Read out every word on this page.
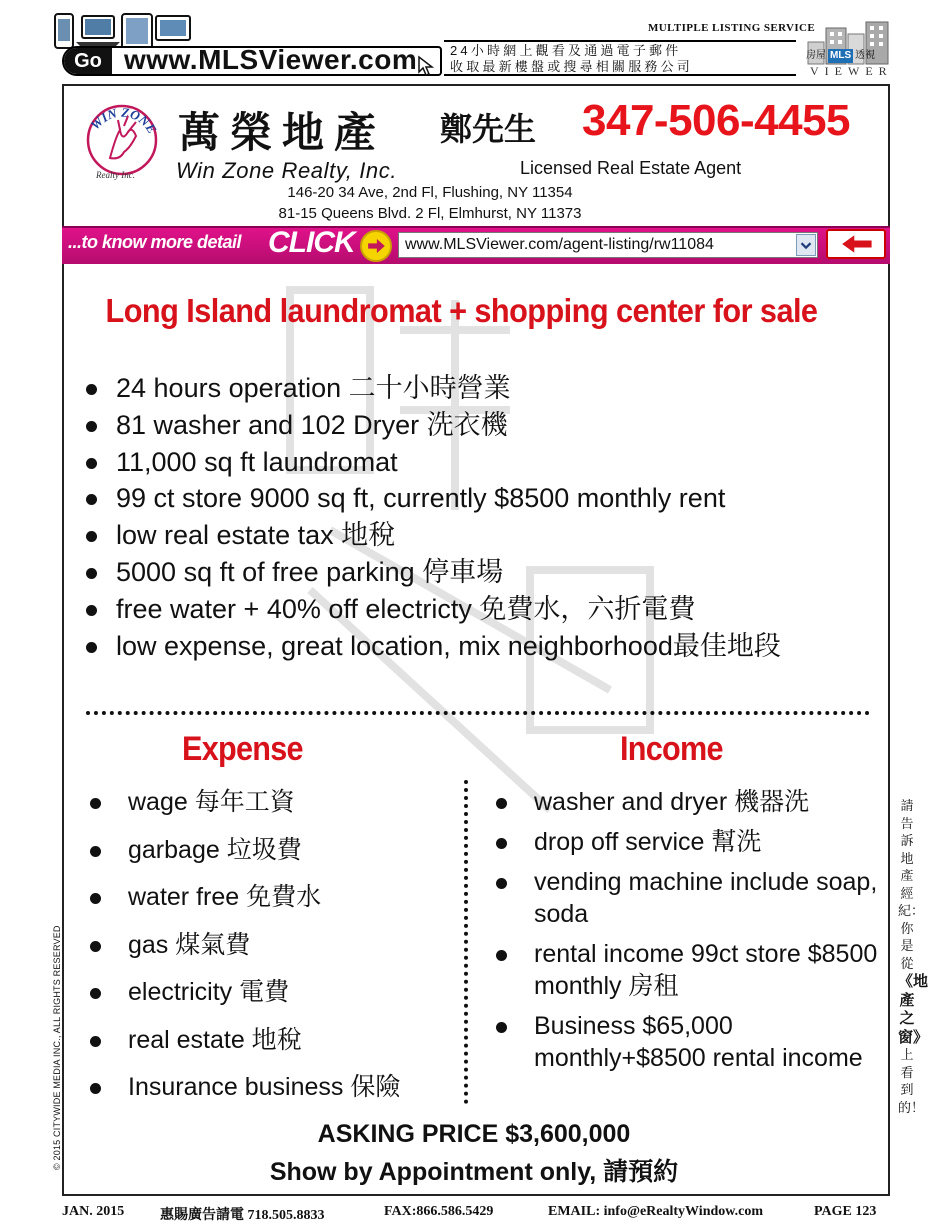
Go www.MLSViewer.com	24小時網上觀看及通過電子郵件
收取最新樓盤或搜尋相關服務公司
MULTIPLE LISTING SERVICE
房屋 MLS 透視
VIEWER
WIN ZONE
Realty Inc.
萬榮地產
Win Zone Realty, Inc.
鄭先生 347-506-4455
Licensed Real Estate Agent
146-20 34 Ave, 2nd Fl, Flushing, NY 11354
81-15 Queens Blvd. 2 Fl, Elmhurst, NY 11373
...to know more detail CLICK	www.MLSViewer.com/agent-listing/rw11084
Long Island laundromat + shopping center for sale
24 hours operation 二十小時營業
81 washer and 102 Dryer 洗衣機
11,000 sq ft laundromat
99 ct store 9000 sq ft, currently $8500 monthly rent
low real estate tax 地稅
5000 sq ft of free parking 停車場
free water + 40% off electricty 免費水，六折電費
low expense, great location, mix neighborhood最佳地段
Expense	Income
wage 每年工資
garbage 垃圾費
water free 免費水
gas 煤氣費
electricity 電費
real estate 地稅
Insurance business 保險
washer and dryer 機器洗
drop off service 幫洗
vending machine include soap, soda
rental income 99ct store $8500 monthly 房租
Business $65,000 monthly+$8500 rental income
ASKING PRICE $3,600,000
Show by Appointment only, 請預約
© 2015 CITYWIDE MEDIA INC., ALL RIGHTS RESERVED
請告訴地產經紀：你是從《地產之窗》上看到的！
JAN. 2015	惠賜廣告請電 718.505.8833	FAX:866.586.5429	EMAIL: info@eRealtyWindow.com	PAGE 123
